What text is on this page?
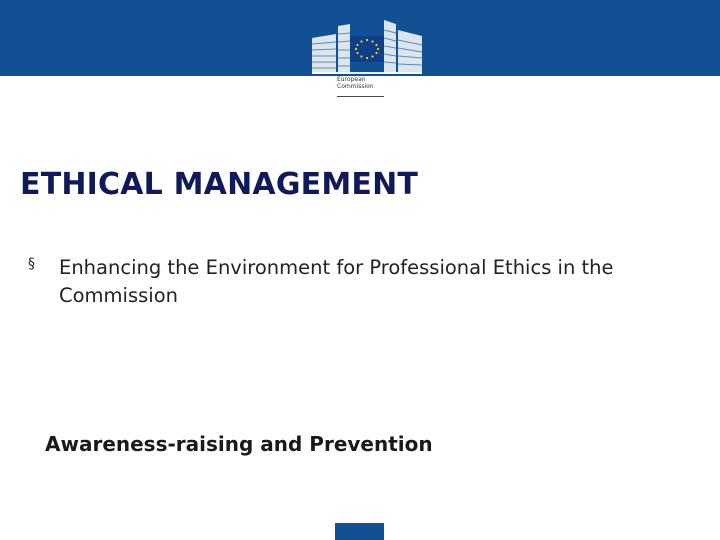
European
Commission
ETHICAL MANAGEMENT
§ Enhancing the Environment for Professional Ethics in the Commission
Awareness-raising and Prevention
